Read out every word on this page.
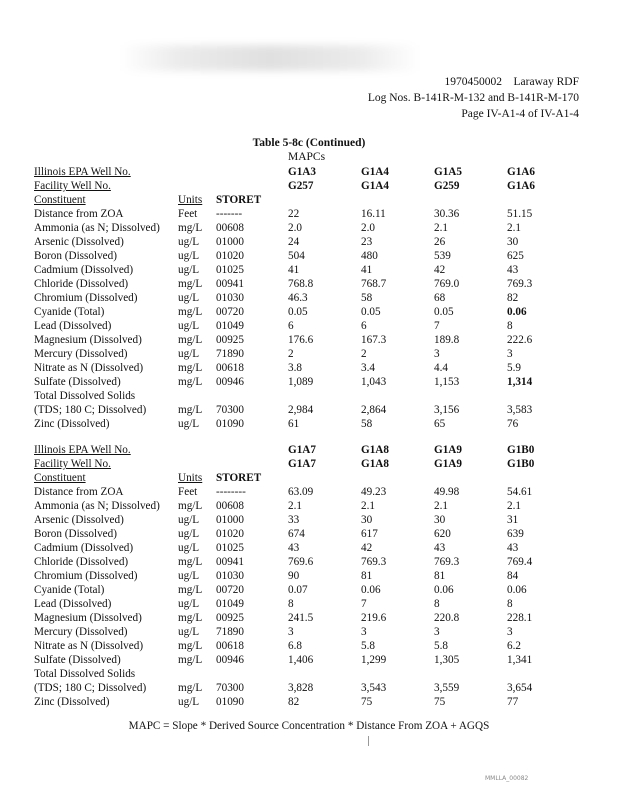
1970450002    Laraway RDF
Log Nos. B-141R-M-132 and B-141R-M-170
Page IV-A1-4 of IV-A1-4
Table 5-8c (Continued)
MAPCs
Illinois EPA Well No.	G1A3	G1A4	G1A5	G1A6
Facility Well No.	G257	G1A4	G259	G1A6
Constituent	Units STORET
Distance from ZOA	Feet -------	22	16.11	30.36	51.15
Ammonia (as N; Dissolved) mg/L 00608	2.0	2.0	2.1	2.1
Arsenic (Dissolved)	ug/L 01000	24	23	26	30
Boron (Dissolved)	ug/L 01020	504	480	539	625
Cadmium (Dissolved)	ug/L 01025	41	41	42	43
Chloride (Dissolved)	mg/L 00941	768.8	768.7	769.0	769.3
Chromium (Dissolved)	ug/L 01030	46.3	58	68	82
Cyanide (Total)	mg/L 00720	0.05	0.05	0.05	0.06
Lead (Dissolved)	ug/L 01049	6	6	7	8
Magnesium (Dissolved)	mg/L 00925	176.6	167.3	189.8	222.6
Mercury (Dissolved)	ug/L 71890	2	2	3	3
Nitrate as N (Dissolved)	mg/L 00618	3.8	3.4	4.4	5.9
Sulfate (Dissolved)	mg/L 00946	1,089	1,043	1,153	1,314
Total Dissolved Solids
(TDS; 180 C; Dissolved)	mg/L 70300	2,984	2,864	3,156	3,583
Zinc (Dissolved)	ug/L 01090	61	58	65	76
Illinois EPA Well No.	G1A7	G1A8	G1A9	G1B0
Facility Well No.	G1A7	G1A8	G1A9	G1B0
Constituent	Units STORET
Distance from ZOA	Feet --------	63.09	49.23	49.98	54.61
Ammonia (as N; Dissolved) mg/L 00608	2.1	2.1	2.1	2.1
Arsenic (Dissolved)	ug/L 01000	33	30	30	31
Boron (Dissolved)	ug/L 01020	674	617	620	639
Cadmium (Dissolved)	ug/L 01025	43	42	43	43
Chloride (Dissolved)	mg/L 00941	769.6	769.3	769.3	769.4
Chromium (Dissolved)	ug/L 01030	90	81	81	84
Cyanide (Total)	mg/L 00720	0.07	0.06	0.06	0.06
Lead (Dissolved)	ug/L 01049	8	7	8	8
Magnesium (Dissolved)	mg/L 00925	241.5	219.6	220.8	228.1
Mercury (Dissolved)	ug/L 71890	3	3	3	3
Nitrate as N (Dissolved)	mg/L 00618	6.8	5.8	5.8	6.2
Sulfate (Dissolved)	mg/L 00946	1,406	1,299	1,305	1,341
Total Dissolved Solids
(TDS; 180 C; Dissolved)	mg/L 70300	3,828	3,543	3,559	3,654
Zinc (Dissolved)	ug/L 01090	82	75	75	77
MAPC = Slope * Derived Source Concentration * Distance From ZOA + AGQS
MMLLA_00082
